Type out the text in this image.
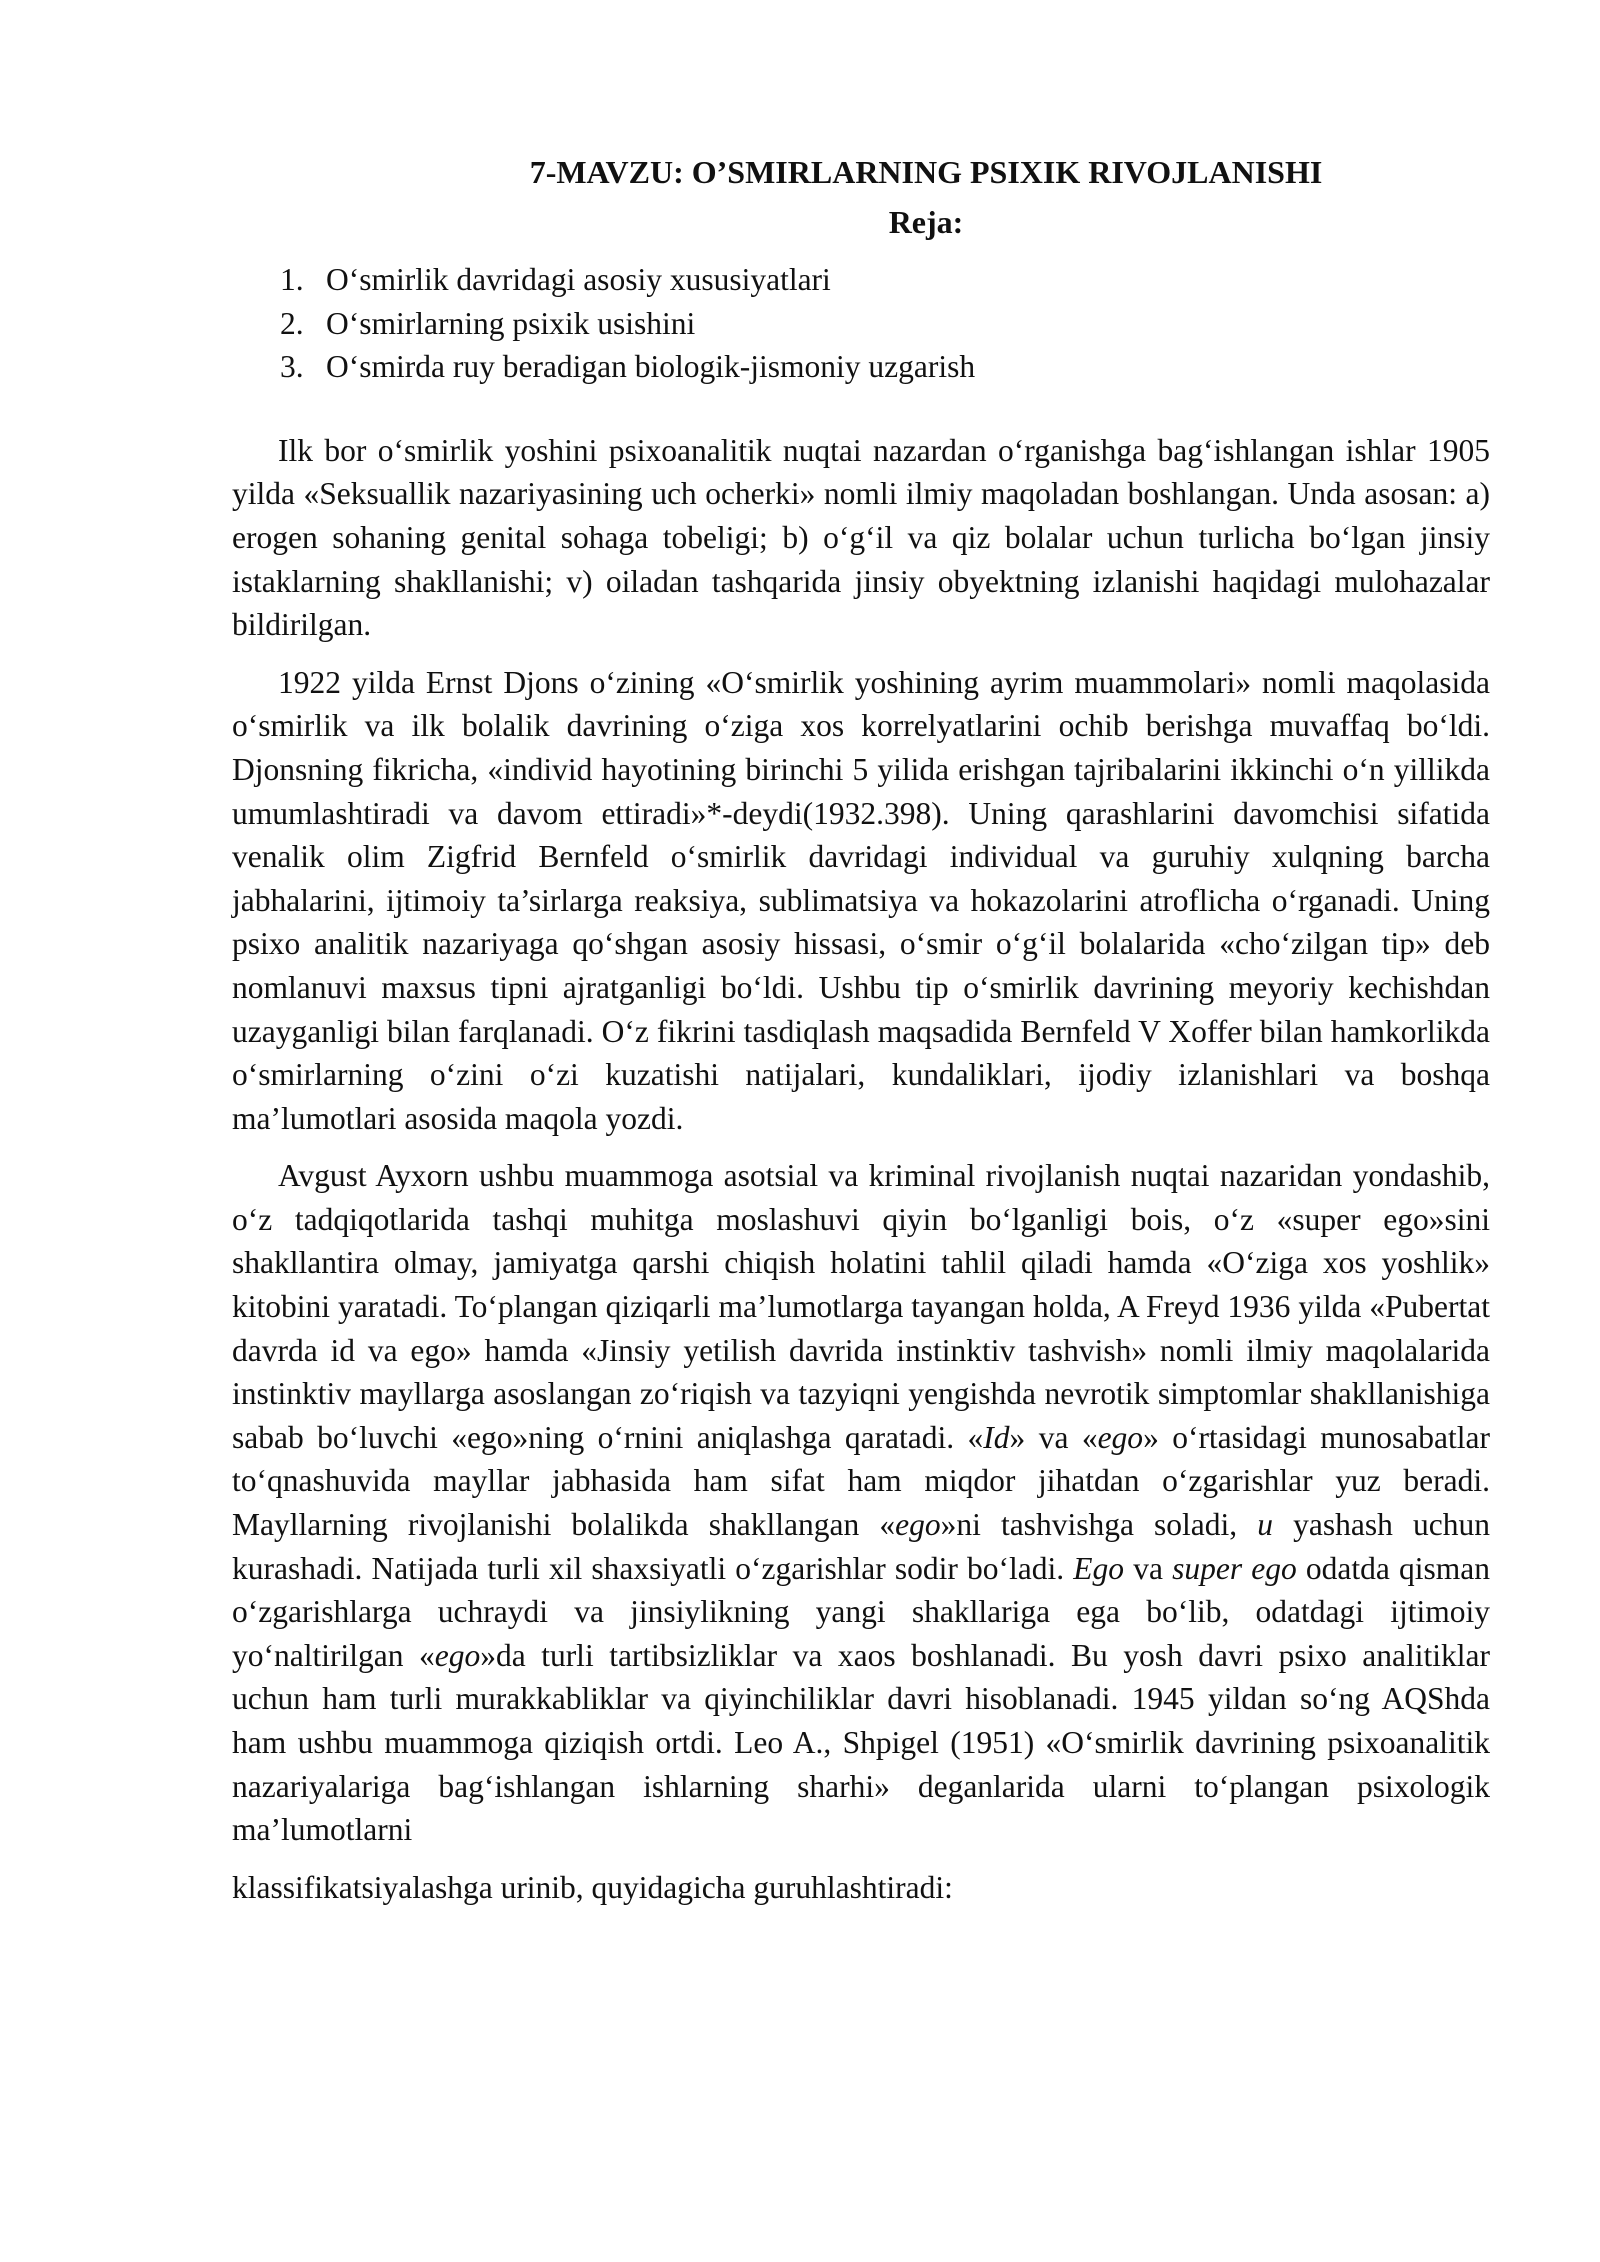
7-MAVZU: O’SMIRLARNING PSIXIK RIVOJLANISHI
Reja:
1. O‘smirlik davridagi asosiy xususiyatlari
2. O‘smirlarning psixik usishini
3. O‘smirda ruy beradigan biologik-jismoniy uzgarish

Ilk bor o‘smirlik yoshini psixoanalitik nuqtai nazardan o‘rganishga bag‘ishlangan ishlar 1905 yilda «Seksuallik nazariyasining uch ocherki» nomli ilmiy maqoladan boshlangan. Unda asosan: a) erogen sohaning genital sohaga tobeligi; b) o‘g‘il va qiz bolalar uchun turlicha bo‘lgan jinsiy istaklarning shakllanishi; v) oiladan tashqarida jinsiy obyektning izlanishi haqidagi mulohazalar bildirilgan.

1922 yilda Ernst Djons o‘zining «O‘smirlik yoshining ayrim muammolari» nomli maqolasida o‘smirlik va ilk bolalik davrining o‘ziga xos korrelyatlarini ochib berishga muvaffaq bo‘ldi. Djonsning fikricha, «individ hayotining birinchi 5 yilida erishgan tajribalarini ikkinchi o‘n yillikda umumlashtiradi va davom ettiradi»*-deydi(1932.398). Uning qarashlarini davomchisi sifatida venalik olim Zigfrid Bernfeld o‘smirlik davridagi individual va guruhiy xulqning barcha jabhalarini, ijtimoiy ta’sirlarga reaksiya, sublimatsiya va hokazolarini atroflicha o‘rganadi. Uning psixo analitik nazariyaga qo‘shgan asosiy hissasi, o‘smir o‘g‘il bolalarida «cho‘zilgan tip» deb nomlanuvi maxsus tipni ajratganligi bo‘ldi. Ushbu tip o‘smirlik davrining meyoriy kechishdan uzayganligi bilan farqlanadi. O‘z fikrini tasdiqlash maqsadida Bernfeld V Xoffer bilan hamkorlikda o‘smirlarning o‘zini o‘zi kuzatishi natijalari, kundaliklari, ijodiy izlanishlari va boshqa ma’lumotlari asosida maqola yozdi.

Avgust Ayxorn ushbu muammoga asotsial va kriminal rivojlanish nuqtai nazaridan yondashib, o‘z tadqiqotlarida tashqi muhitga moslashuvi qiyin bo‘lganligi bois, o‘z «super ego»sini shakllantira olmay, jamiyatga qarshi chiqish holatini tahlil qiladi hamda «O‘ziga xos yoshlik» kitobini yaratadi. To‘plangan qiziqarli ma’lumotlarga tayangan holda, A Freyd 1936 yilda «Pubertat davrda id va ego» hamda «Jinsiy yetilish davrida instinktiv tashvish» nomli ilmiy maqolalarida instinktiv mayllarga asoslangan zo‘riqish va tazyiqni yengishda nevrotik simptomlar shakllanishiga sabab bo‘luvchi «ego»ning o‘rnini aniqlashga qaratadi. «Id» va «ego» o‘rtasidagi munosabatlar to‘qnashuvida mayllar jabhasida ham sifat ham miqdor jihatdan o‘zgarishlar yuz beradi. Mayllarning rivojlanishi bolalikda shakllangan «ego»ni tashvishga soladi, u yashash uchun kurashadi. Natijada turli xil shaxsiyatli o‘zgarishlar sodir bo‘ladi. Ego va super ego odatda qisman o‘zgarishlarga uchraydi va jinsiylikning yangi shakllariga ega bo‘lib, odatdagi ijtimoiy yo‘naltirilgan «ego»da turli tartibsizliklar va xaos boshlanadi. Bu yosh davri psixo analitiklar uchun ham turli murakkabliklar va qiyinchiliklar davri hisoblanadi. 1945 yildan so‘ng AQShda ham ushbu muammoga qiziqish ortdi. Leo A., Shpigel (1951) «O‘smirlik davrining psixoanalitik nazariyalariga bag‘ishlangan ishlarning sharhi» deganlarida ularni to‘plangan psixologik ma’lumotlarni

klassifikatsiyalashga urinib, quyidagicha guruhlashtiradi:
